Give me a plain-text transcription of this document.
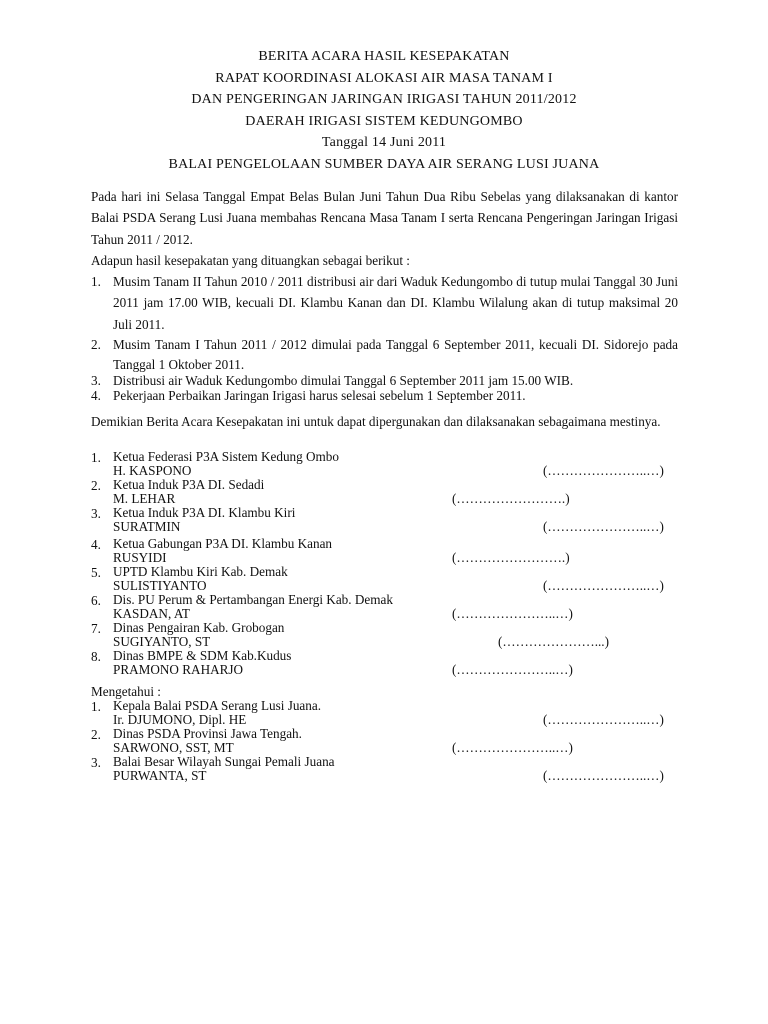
BERITA ACARA HASIL KESEPAKATAN
RAPAT KOORDINASI ALOKASI AIR MASA TANAM I
DAN PENGERINGAN JARINGAN IRIGASI TAHUN 2011/2012
DAERAH IRIGASI SISTEM KEDUNGOMBO
Tanggal 14 Juni 2011
BALAI PENGELOLAAN SUMBER DAYA AIR SERANG LUSI JUANA
Pada hari ini Selasa Tanggal Empat Belas Bulan Juni Tahun Dua Ribu Sebelas yang dilaksanakan di kantor Balai PSDA Serang Lusi Juana membahas Rencana Masa Tanam I serta Rencana Pengeringan Jaringan Irigasi Tahun 2011 / 2012.
Adapun hasil kesepakatan yang dituangkan sebagai berikut :
1. Musim Tanam II Tahun 2010 / 2011 distribusi air dari Waduk Kedungombo di tutup mulai Tanggal 30 Juni 2011 jam 17.00 WIB, kecuali DI. Klambu Kanan dan DI. Klambu Wilalung akan di tutup maksimal 20 Juli 2011.
2. Musim Tanam I Tahun 2011 / 2012 dimulai pada Tanggal 6 September 2011, kecuali DI. Sidorejo pada Tanggal 1 Oktober 2011.
3. Distribusi air Waduk Kedungombo dimulai Tanggal 6 September 2011 jam 15.00 WIB.
4. Pekerjaan Perbaikan Jaringan Irigasi harus selesai sebelum 1 September 2011.
Demikian Berita Acara Kesepakatan ini untuk dapat dipergunakan dan dilaksanakan sebagaimana mestinya.
1. Ketua Federasi P3A Sistem Kedung Ombo
H. KASPONO	(…………………..…)
2. Ketua Induk P3A DI. Sedadi
M. LEHAR	(…………………….)
3. Ketua Induk P3A DI. Klambu Kiri
SURATMIN	(…………………..…)
4. Ketua Gabungan P3A DI. Klambu Kanan
RUSYIDI	(…………………….)
5. UPTD Klambu Kiri Kab. Demak
SULISTIYANTO	(…………………..…)
6. Dis. PU Perum & Pertambangan Energi Kab. Demak
KASDAN, AT	(…………………..…)
7. Dinas Pengairan Kab. Grobogan
SUGIYANTO, ST	(…………………...)
8. Dinas BMPE & SDM Kab.Kudus
PRAMONO RAHARJO	(…………………..…)
Mengetahui :
1. Kepala Balai PSDA Serang Lusi Juana.
Ir. DJUMONO, Dipl. HE	(…………………..…)
2. Dinas PSDA Provinsi Jawa Tengah.
SARWONO, SST, MT	(…………………..…)
3. Balai Besar Wilayah Sungai Pemali Juana
PURWANTA, ST	(…………………..…)
